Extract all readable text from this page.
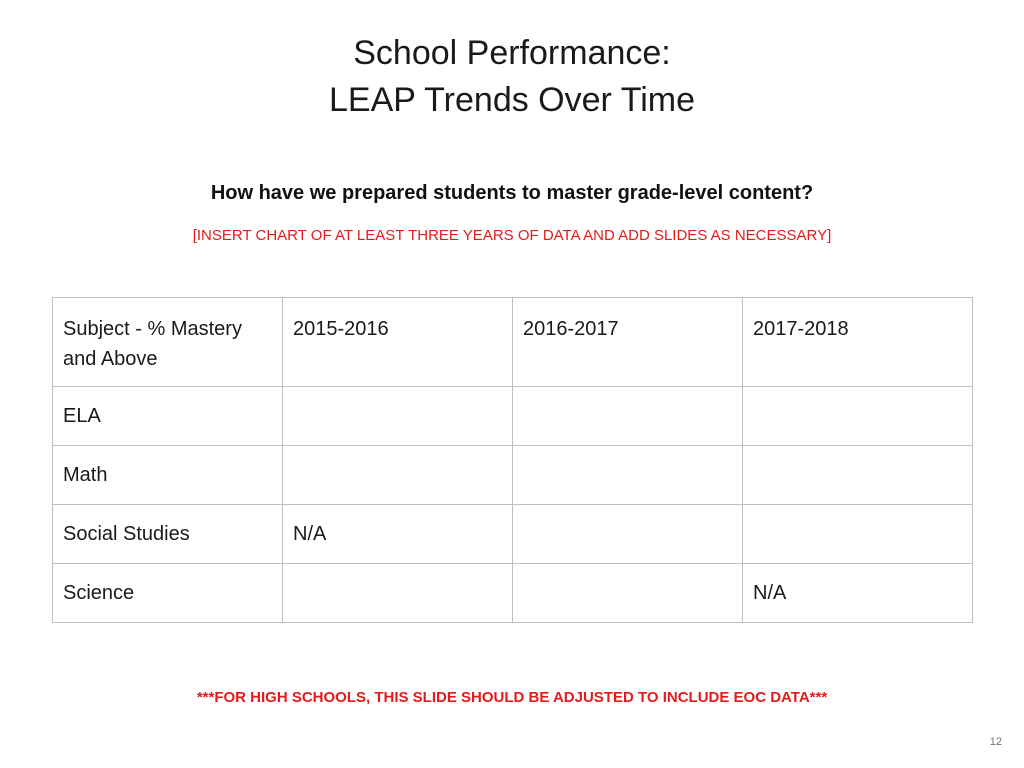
School Performance:
LEAP Trends Over Time
How have we prepared students to master grade-level content?
[INSERT CHART OF AT LEAST THREE YEARS OF DATA AND ADD SLIDES AS NECESSARY]
Subject - % Mastery and Above	2015-2016	2016-2017	2017-2018
ELA			
Math			
Social Studies	N/A		
Science			N/A
***FOR HIGH SCHOOLS, THIS SLIDE SHOULD BE ADJUSTED TO INCLUDE EOC DATA***
12
